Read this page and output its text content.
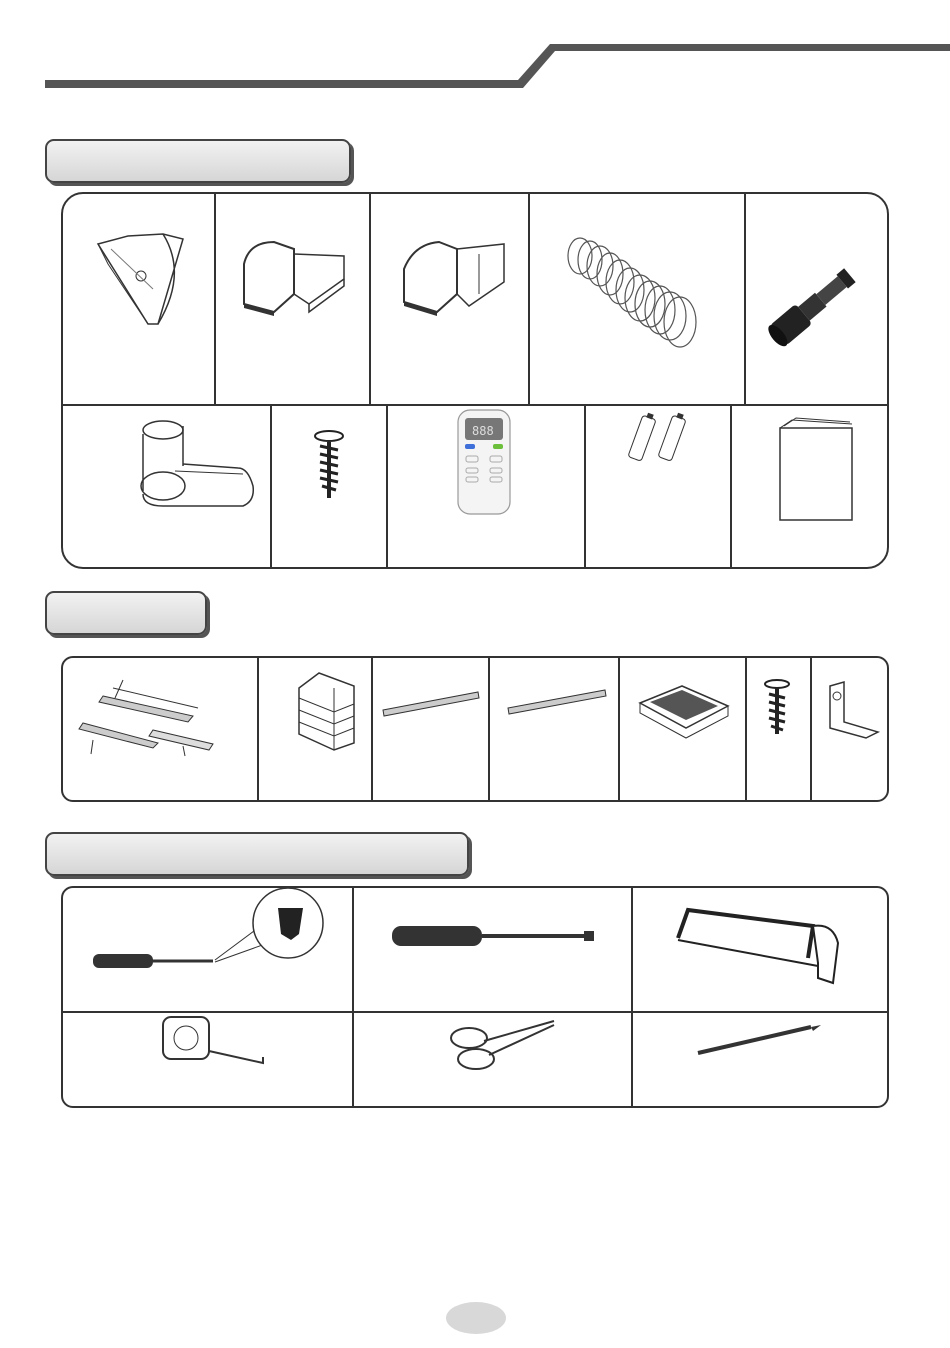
888
